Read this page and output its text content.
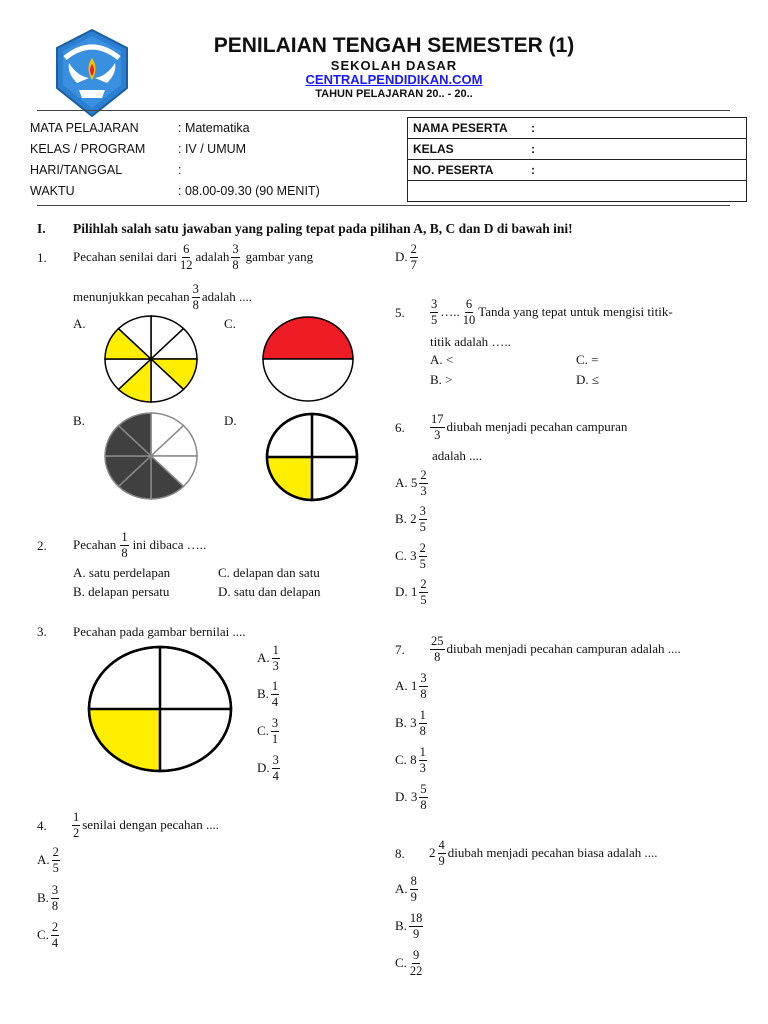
PENILAIAN TENGAH SEMESTER (1)
SEKOLAH DASAR
CENTRALPENDIDIKAN.COM
TAHUN PELAJARAN 20.. - 20..
MATA PELAJARAN	: Matematika
KELAS / PROGRAM	: IV / UMUM
HARI/TANGGAL	:
WAKTU	: 08.00-09.30 (90 MENIT)
NAMA PESERTA :
KELAS	:
NO. PESERTA	:
I. Pilihlah salah satu jawaban yang paling tepat pada pilihan A, B, C dan D di bawah ini!
1. Pecahan senilai dari $\frac{6}{12}$ adalah $\frac{3}{8}$ gambar yang
menunjukkan pecahan $\frac{3}{8}$ adalah ....
A.	C.
B.	D.
D. $\frac{2}{7}$
2. Pecahan $\frac{1}{8}$ ini dibaca …..
A. satu perdelapan
B. delapan persatu
C. delapan dan satu
D. satu dan delapan
3. Pecahan pada gambar bernilai ....
A. $\frac{1}{3}$
B. $\frac{1}{4}$
C. $\frac{3}{1}$
D. $\frac{3}{4}$
4. $\frac{1}{2}$ senilai dengan pecahan ....
A. $\frac{2}{5}$
B. $\frac{3}{8}$
C. $\frac{2}{4}$
5. $\frac{3}{5}$ ….. $\frac{6}{10}$ Tanda yang tepat untuk mengisi titik-
titik adalah …..
A. <
B. >
C. =
D. ≤
6. $\frac{17}{3}$ diubah menjadi pecahan campuran
adalah ....
A. $5 \frac{2}{3}$
B. $2 \frac{3}{5}$
C. $3 \frac{2}{5}$
D. $1 \frac{2}{5}$
7. $\frac{25}{8}$ diubah menjadi pecahan campuran adalah ....
A. $1 \frac{3}{8}$
B. $3 \frac{1}{8}$
C. $8 \frac{1}{3}$
D. $3 \frac{5}{8}$
8. $2 \frac{4}{9}$ diubah menjadi pecahan biasa adalah ....
A. $\frac{8}{9}$
B. $\frac{18}{9}$
C. $\frac{9}{22}$
